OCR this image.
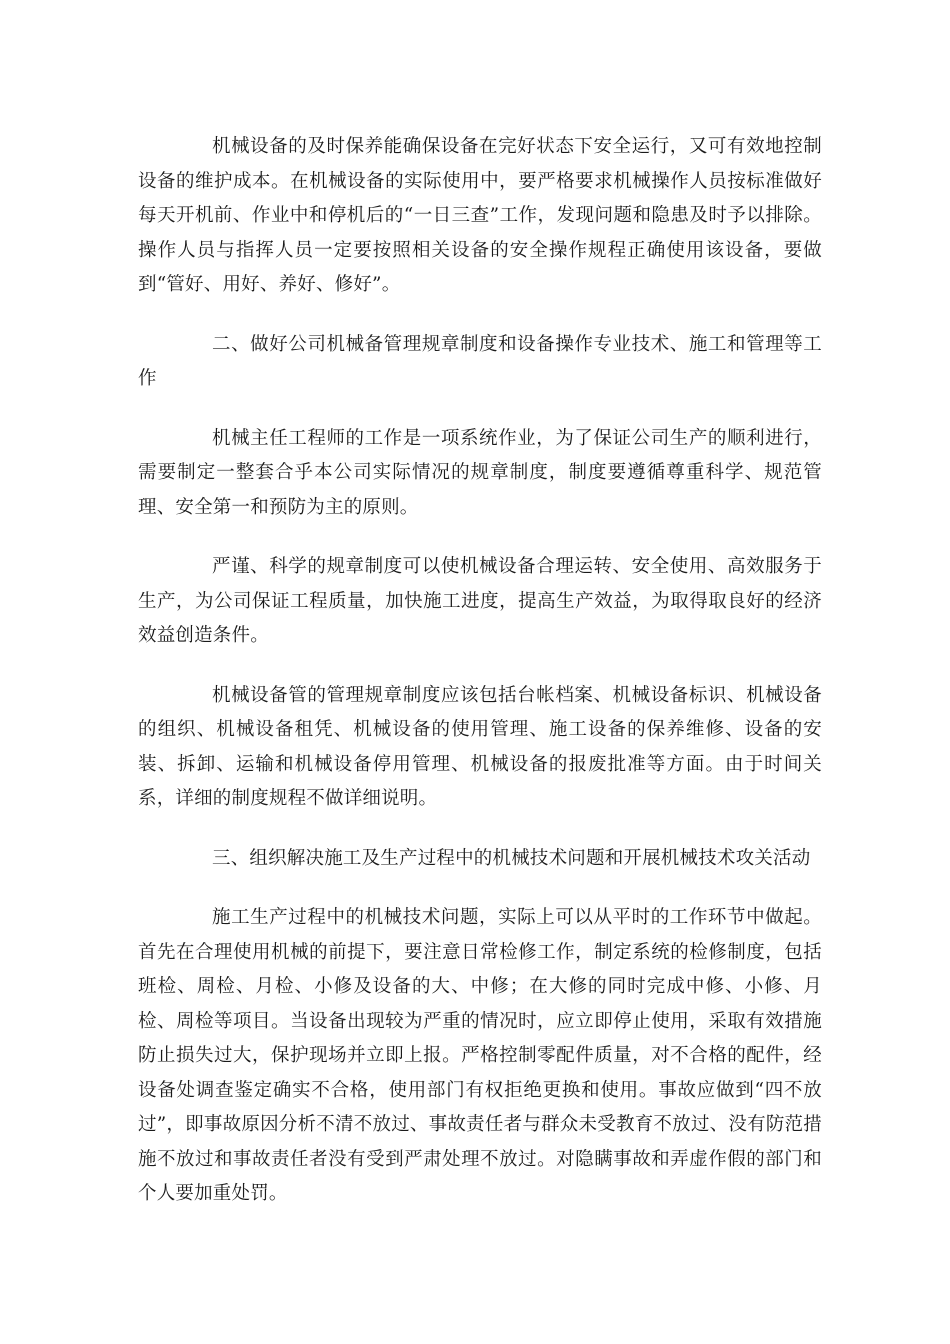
机械设备的及时保养能确保设备在完好状态下安全运行，又可有效地控制设备的维护成本。在机械设备的实际使用中，要严格要求机械操作人员按标准做好每天开机前、作业中和停机后的“一日三查”工作，发现问题和隐患及时予以排除。操作人员与指挥人员一定要按照相关设备的安全操作规程正确使用该设备，要做到“管好、用好、养好、修好”。

二、做好公司机械备管理规章制度和设备操作专业技术、施工和管理等工作

机械主任工程师的工作是一项系统作业，为了保证公司生产的顺利进行，需要制定一整套合乎本公司实际情况的规章制度，制度要遵循尊重科学、规范管理、安全第一和预防为主的原则。

严谨、科学的规章制度可以使机械设备合理运转、安全使用、高效服务于生产，为公司保证工程质量，加快施工进度，提高生产效益，为取得取良好的经济效益创造条件。

机械设备管的管理规章制度应该包括台帐档案、机械设备标识、机械设备的组织、机械设备租凭、机械设备的使用管理、施工设备的保养维修、设备的安装、拆卸、运输和机械设备停用管理、机械设备的报废批准等方面。由于时间关系，详细的制度规程不做详细说明。

三、组织解决施工及生产过程中的机械技术问题和开展机械技术攻关活动

施工生产过程中的机械技术问题，实际上可以从平时的工作环节中做起。首先在合理使用机械的前提下，要注意日常检修工作，制定系统的检修制度，包括班检、周检、月检、小修及设备的大、中修；在大修的同时完成中修、小修、月检、周检等项目。当设备出现较为严重的情况时，应立即停止使用，采取有效措施防止损失过大，保护现场并立即上报。严格控制零配件质量，对不合格的配件，经设备处调查鉴定确实不合格，使用部门有权拒绝更换和使用。事故应做到“四不放过”，即事故原因分析不清不放过、事故责任者与群众未受教育不放过、没有防范措施不放过和事故责任者没有受到严肃处理不放过。对隐瞒事故和弄虚作假的部门和个人要加重处罚。
